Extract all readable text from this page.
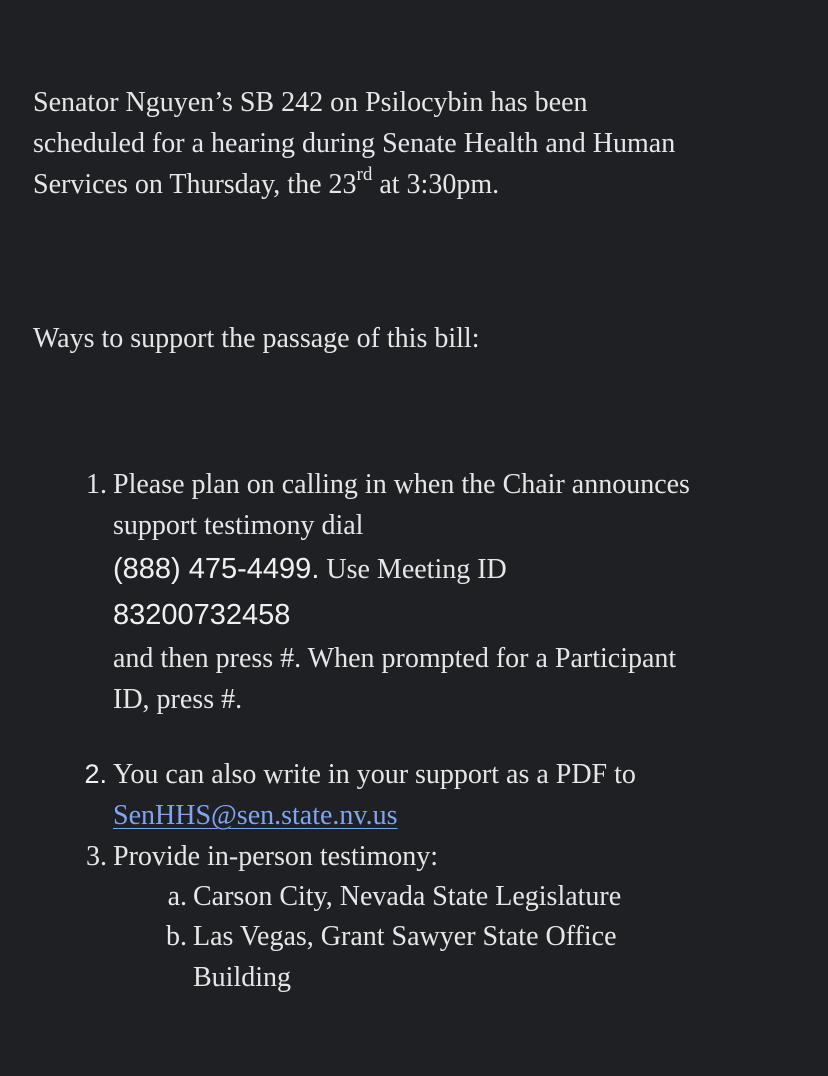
Senator Nguyen’s SB 242 on Psilocybin has been
scheduled for a hearing during Senate Health and Human
Services on Thursday, the 23rd at 3:30pm.

Ways to support the passage of this bill:

1. Please plan on calling in when the Chair announces
support testimony dial
(888) 475-4499. Use Meeting ID
83200732458
and then press #. When prompted for a Participant
ID, press #.
2. You can also write in your support as a PDF to
SenHHS@sen.state.nv.us
3. Provide in-person testimony:
a. Carson City, Nevada State Legislature
b. Las Vegas, Grant Sawyer State Office
Building
